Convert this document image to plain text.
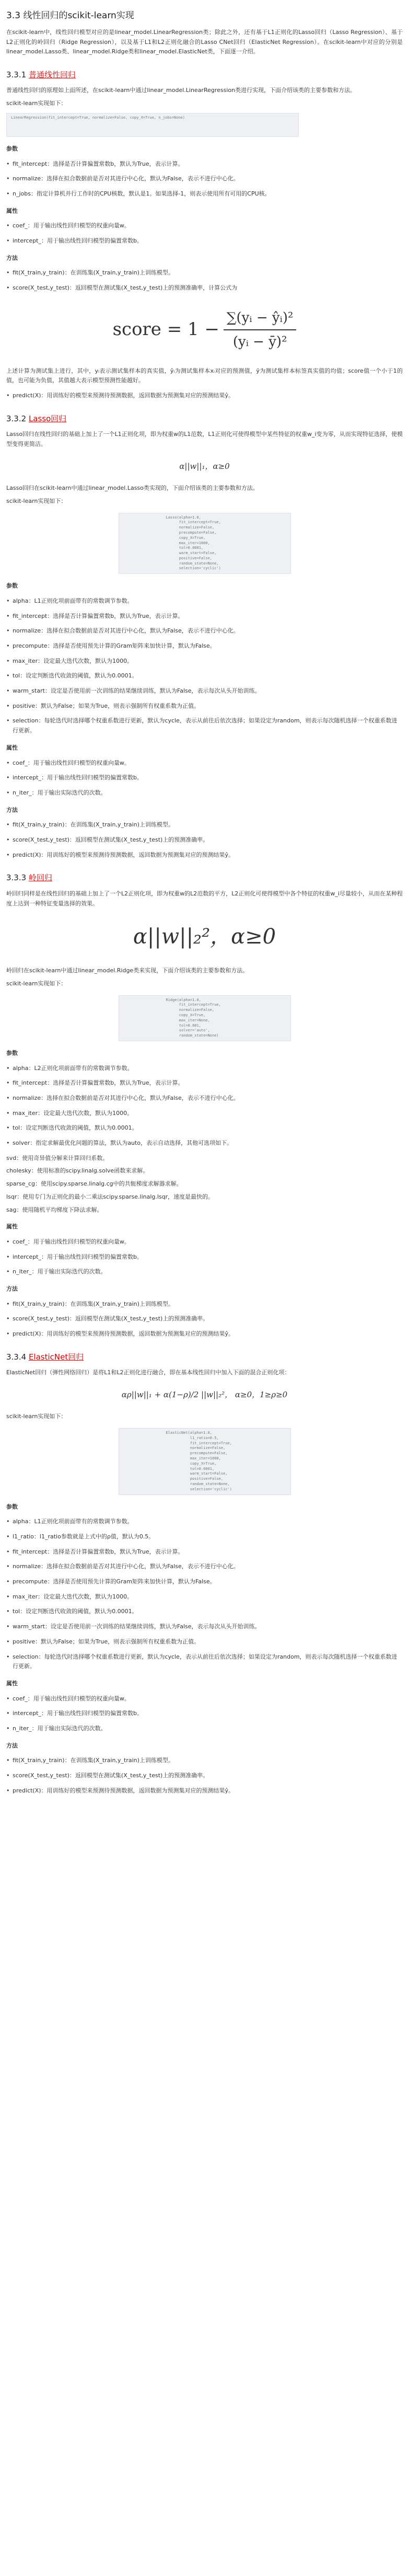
3.3 线性回归的scikit-learn实现

在scikit-learn中，线性回归模型对应的是linear_model.LinearRegression类；除此之外，还有基于L1正则化的Lasso回归（Lasso Regression）、基于L2正则化的岭回归（Ridge Regression），以及基于L1和L2正则化融合的Lasso CNet回归（ElasticNet Regression）。在scikit-learn中对应的分别是linear_model.Lasso类、linear_model.Ridge类和linear_model.ElasticNet类，下面逐一介绍。

3.3.1 普通线性回归

普通线性回归的原理如上面所述，在scikit-learn中通过linear_model.LinearRegression类进行实现，下面介绍该类的主要参数和方法。

scikit-learn实现如下：

LinearRegression(fit_intercept=True, normalize=False, copy_X=True, n_jobs=None)
参数
• fit_intercept：选择是否计算偏置常数b，默认为True，表示计算。
• normalize：选择在拟合数据前是否对其进行中心化，默认为False，表示不进行中心化。
• n_jobs：指定计算机并行工作时的CPU核数，默认是1。如果选择-1，则表示使用所有可用的CPU核。
属性
• coef_：用于输出线性回归模型的权重向量w。
• intercept_：用于输出线性回归模型的偏置常数b。
方法
• fit(X_train,y_train)：在训练集(X_train,y_train)上训练模型。
• score(X_test,y_test)：返回模型在测试集(X_test,y_test)上的预测准确率，计算公式为
score = $1 - \frac{\text{∑(yᵢ − ŷᵢ)²}}{\text{(yᵢ − ȳ)²}}$

上述计算为测试集上进行，其中，yᵢ表示测试集样本的真实值，ŷᵢ为测试集样本xᵢ对应的预测值，ȳ为测试集样本标签真实值的均值；score值一个小于1的值，也可能为负值，其值越大表示模型预测性能越好。

• predict(X)：用训练好的模型来预测待预测数据，返回数据为预测集对应的预测结果ŷ。
3.3.2 Lasso回归

Lasso回归在线性回归的基础上加上了一个L1正则化项，即为权重w的L1范数，L1正则化可使得模型中某些特征的权重w_i变为零，从而实现特征选择，使模型变得更简洁。

α||w||₁，α≥0

Lasso回归在scikit-learn中通过linear_model.Lasso类实现的，下面介绍该类的主要参数和方法。

scikit-learn实现如下：

Lasso(alpha=1.0,
fit_intercept=True,
normalize=False,
precompute=False,
copy_X=True,
max_iter=1000,
tol=0.0001,
warm_start=False,
positive=False,
random_state=None,
selection='cyclic')
参数
• alpha：L1正则化项前面带有的常数调节参数。
• fit_intercept：选择是否计算偏置常数b，默认为True，表示计算。
• normalize：选择在拟合数据前是否对其进行中心化，默认为False，表示不进行中心化。
• precompute：选择是否使用预先计算的Gram矩阵来加快计算，默认为False。
• max_iter：设定最大迭代次数，默认为1000。
• tol：设定判断迭代收敛的阈值，默认为0.0001。
• warm_start：设定是否使用前一次训练的结果继续训练，默认为False，表示每次从头开始训练。
• positive：默认为False；如果为True，则表示强制所有权重系数为正值。
• selection：每轮迭代时选择哪个权重系数进行更新，默认为cycle，表示从前往后依次选择；如果设定为random，则表示每次随机选择一个权重系数进行更新。
属性
• coef_：用于输出线性回归模型的权重向量w。
• intercept_：用于输出线性回归模型的偏置常数b。
• n_iter_：用于输出实际迭代的次数。
方法
• fit(X_train,y_train)：在训练集(X_train,y_train)上训练模型。
• score(X_test,y_test)：返回模型在测试集(X_test,y_test)上的预测准确率。
• predict(X)：用训练好的模型来预测待预测数据，返回数据为预测集对应的预测结果ŷ。
3.3.3 岭回归

岭回归同样是在线性回归的基础上加上了一个L2正则化项，即为权重w的L2范数的平方，L2正则化可使得模型中各个特征的权重w_i尽量较小，从而在某种程度上达到一种特征变量选择的效果。

α||w||₂²，α≥0

岭回归在scikit-learn中通过linear_model.Ridge类来实现，下面介绍该类的主要参数和方法。

scikit-learn实现如下：

Ridge(alpha=1.0,
fit_intercept=True,
normalize=False,
copy_X=True,
max_iter=None,
tol=0.001,
solver='auto',
random_state=None)
参数
• alpha：L2正则化项前面带有的常数调节参数。
• fit_intercept：选择是否计算偏置常数b，默认为True，表示计算。
• normalize：选择在拟合数据前是否对其进行中心化，默认为False，表示不进行中心化。
• max_iter：设定最大迭代次数，默认为1000。
• tol：设定判断迭代收敛的阈值，默认为0.0001。
• solver：指定求解最优化问题的算法，默认为auto，表示自动选择，其他可选项如下。

svd：使用奇异值分解来计算回归系数。

cholesky：使用标准的scipy.linalg.solve函数来求解。

sparse_cg：使用scipy.sparse.linalg.cg中的共轭梯度求解器求解。

lsqr：使用专门为正则化的最小二乘法scipy.sparse.linalg.lsqr，速度是最快的。

sag：使用随机平均梯度下降法求解。

属性
• coef_：用于输出线性回归模型的权重向量w。
• intercept_：用于输出线性回归模型的偏置常数b。
• n_iter_：用于输出实际迭代的次数。
方法
• fit(X_train,y_train)：在训练集(X_train,y_train)上训练模型。
• score(X_test,y_test)：返回模型在测试集(X_test,y_test)上的预测准确率。
• predict(X)：用训练好的模型来预测待预测数据，返回数据为预测集对应的预测结果ŷ。
3.3.4 ElasticNet回归

ElasticNet回归（弹性网络回归）是将L1和L2正则化进行融合，即在基本线性回归中加入下面的混合正则化项：

αρ||w||₁ + α(1−ρ)/2 ||w||₂²， α≥0，1≥ρ≥0

scikit-learn实现如下：

ElasticNet(alpha=1.0,
l1_ratio=0.5,
fit_intercept=True,
normalize=False,
precompute=False,
max_iter=1000,
copy_X=True,
tol=0.0001,
warm_start=False,
positive=False,
random_state=None,
selection='cyclic')
参数
• alpha：L1正则化项前面带有的常数调节参数。
• l1_ratio：l1_ratio参数就是上式中的ρ值，默认为0.5。
• fit_intercept：选择是否计算偏置常数b，默认为True，表示计算。
• normalize：选择在拟合数据前是否对其进行中心化，默认为False，表示不进行中心化。
• precompute：选择是否使用预先计算的Gram矩阵来加快计算，默认为False。
• max_iter：设定最大迭代次数，默认为1000。
• tol：设定判断迭代收敛的阈值，默认为0.0001。
• warm_start：设定是否使用前一次训练的结果继续训练，默认为False，表示每次从头开始训练。
• positive：默认为False；如果为True，则表示强制所有权重系数为正值。
• selection：每轮迭代时选择哪个权重系数进行更新，默认为cycle，表示从前往后依次选择；如果设定为random，则表示每次随机选择一个权重系数进行更新。
属性
• coef_：用于输出线性回归模型的权重向量w。
• intercept_：用于输出线性回归模型的偏置常数b。
• n_iter_：用于输出实际迭代的次数。
方法
• fit(X_train,y_train)：在训练集(X_train,y_train)上训练模型。
• score(X_test,y_test)：返回模型在测试集(X_test,y_test)上的预测准确率。
• predict(X)：用训练好的模型来预测待预测数据，返回数据为预测集对应的预测结果ŷ。
